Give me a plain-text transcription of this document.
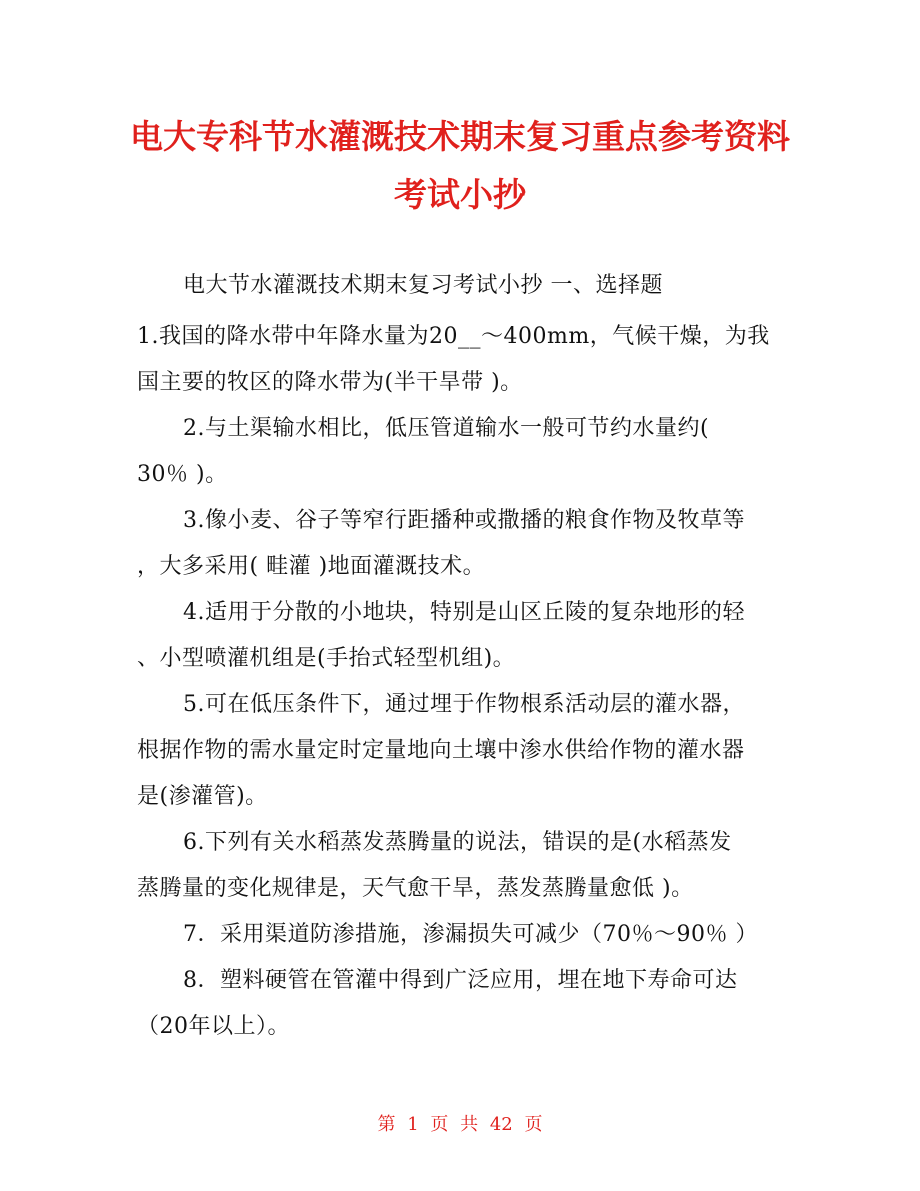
电大专科节水灌溉技术期末复习重点参考资料
考试小抄
电大节水灌溉技术期末复习考试小抄 一、选择题
1.我国的降水带中年降水量为20__～400mm，气候干燥，为我
国主要的牧区的降水带为(半干旱带 )。
2.与土渠输水相比，低压管道输水一般可节约水量约(
30％ )。
3.像小麦、谷子等窄行距播种或撒播的粮食作物及牧草等
，大多采用( 畦灌 )地面灌溉技术。
4.适用于分散的小地块，特别是山区丘陵的复杂地形的轻
、小型喷灌机组是(手抬式轻型机组)。
5.可在低压条件下，通过埋于作物根系活动层的灌水器，
根据作物的需水量定时定量地向土壤中渗水供给作物的灌水器
是(渗灌管)。
6.下列有关水稻蒸发蒸腾量的说法，错误的是(水稻蒸发
蒸腾量的变化规律是，天气愈干旱，蒸发蒸腾量愈低 )。
7．采用渠道防渗措施，渗漏损失可减少（70％～90％ ）
8．塑料硬管在管灌中得到广泛应用，埋在地下寿命可达
（20年以上）。
第 1 页 共 42 页
